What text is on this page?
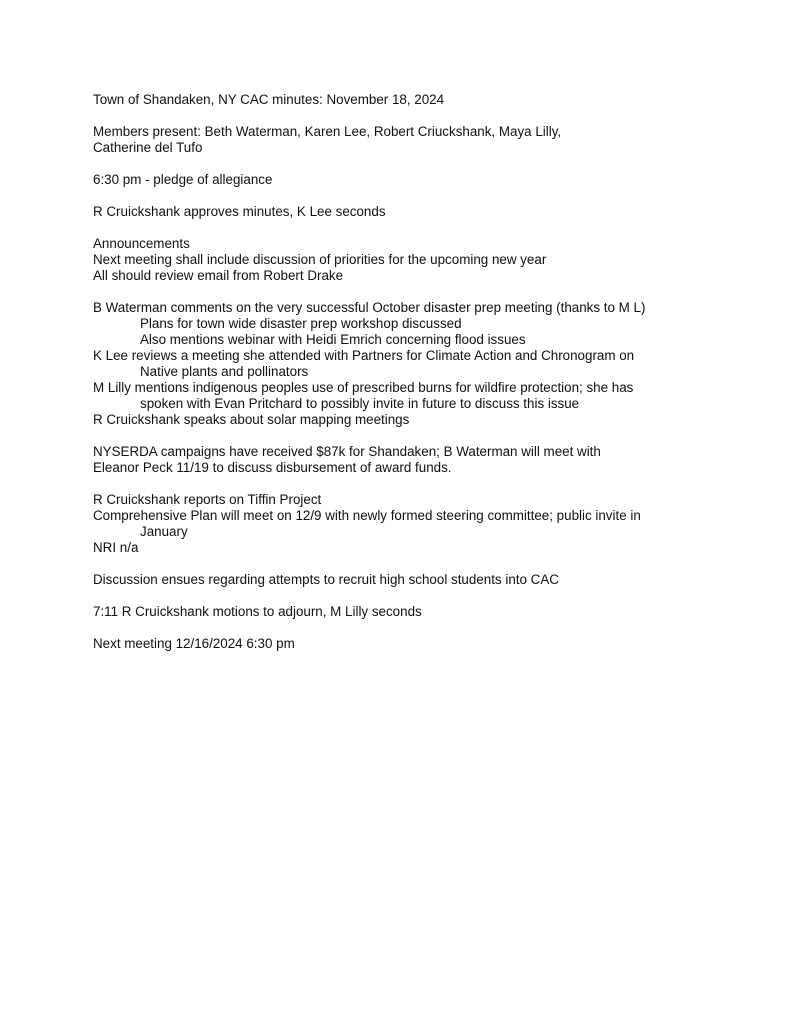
Town of Shandaken, NY CAC minutes: November 18, 2024

Members present: Beth Waterman, Karen Lee, Robert Criuckshank, Maya Lilly,

Catherine del Tufo

6:30 pm - pledge of allegiance

R Cruickshank approves minutes, K Lee seconds

Announcements

Next meeting shall include discussion of priorities for the upcoming new year

All should review email from Robert Drake

B Waterman comments on the very successful October disaster prep meeting (thanks to M L)

Plans for town wide disaster prep workshop discussed

Also mentions webinar with Heidi Emrich concerning flood issues

K Lee reviews a meeting she attended with Partners for Climate Action and Chronogram on

Native plants and pollinators

M Lilly mentions indigenous peoples use of prescribed burns for wildfire protection; she has

spoken with Evan Pritchard to possibly invite in future to discuss this issue

R Cruickshank speaks about solar mapping meetings

NYSERDA campaigns have received $87k for Shandaken; B Waterman will meet with

Eleanor Peck 11/19 to discuss disbursement of award funds.

R Cruickshank reports on Tiffin Project

Comprehensive Plan will meet on 12/9 with newly formed steering committee; public invite in

January

NRI n/a

Discussion ensues regarding attempts to recruit high school students into CAC

7:11 R Cruickshank motions to adjourn, M Lilly seconds

Next meeting 12/16/2024 6:30 pm
